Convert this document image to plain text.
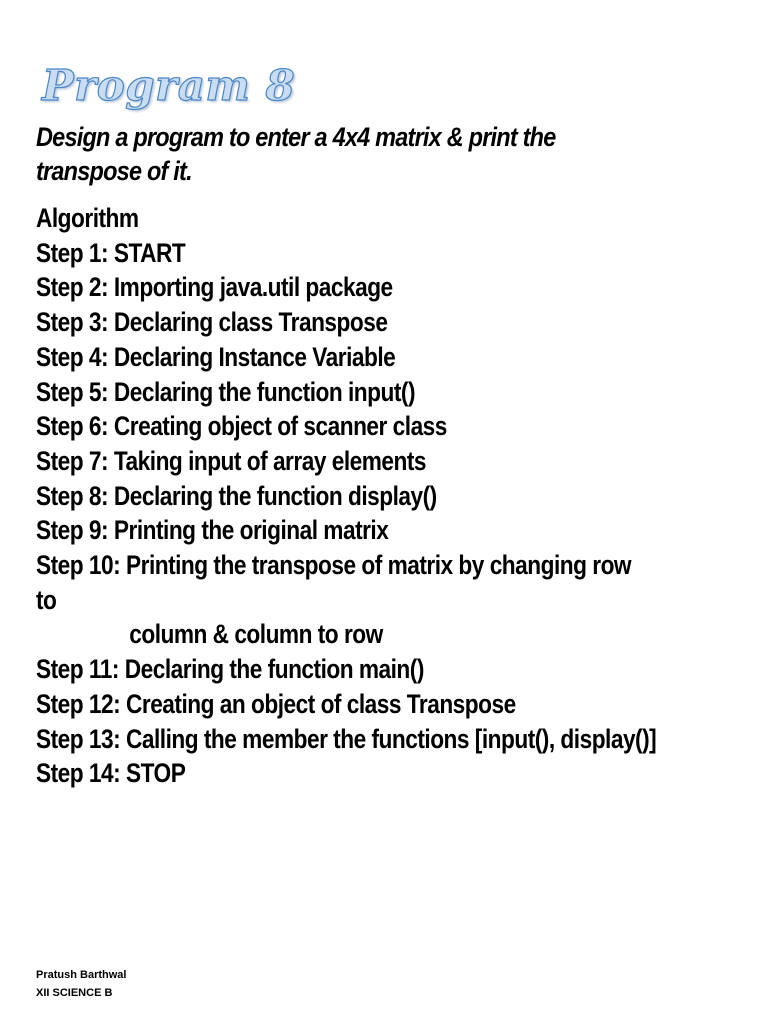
Program 8

Design a program to enter a 4x4 matrix & print the transpose of it.

Algorithm
Step 1: START
Step 2: Importing java.util package
Step 3: Declaring class Transpose
Step 4: Declaring Instance Variable
Step 5: Declaring the function input()
Step 6: Creating object of scanner class
Step 7: Taking input of array elements
Step 8: Declaring the function display()
Step 9: Printing the original matrix
Step 10: Printing the transpose of matrix by changing row
to
column & column to row
Step 11: Declaring the function main()
Step 12: Creating an object of class Transpose
Step 13: Calling the member the functions [input(), display()]
Step 14: STOP
Pratush Barthwal
XII SCIENCE B
